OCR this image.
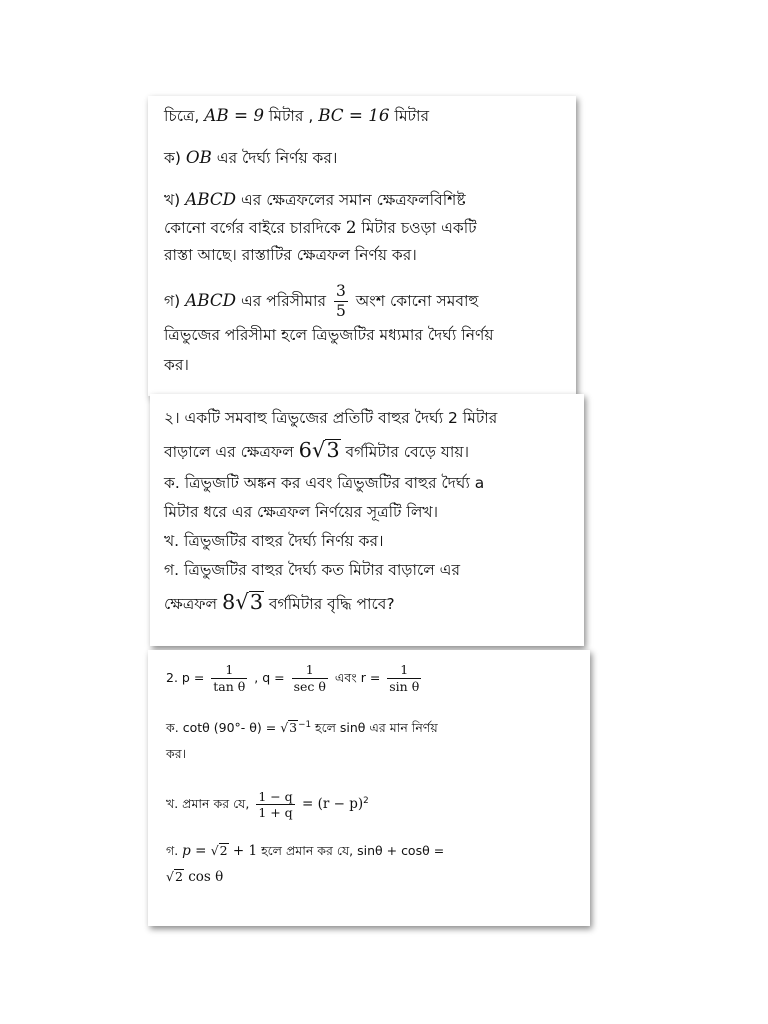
চিত্রে, AB = 9 মিটার , BC = 16 মিটার

ক) OB এর দৈর্ঘ্য নির্ণয় কর।

খ) ABCD এর ক্ষেত্রফলের সমান ক্ষেত্রফলবিশিষ্ট
কোনো বর্গের বাইরে চারদিকে 2 মিটার চওড়া একটি
রাস্তা আছে। রাস্তাটির ক্ষেত্রফল নির্ণয় কর।

গ) ABCD এর পরিসীমার $\frac{3}{5}$ অংশ কোনো সমবাহু
ত্রিভুজের পরিসীমা হলে ত্রিভুজটির মধ্যমার দৈর্ঘ্য নির্ণয়
কর।

২। একটি সমবাহু ত্রিভুজের প্রতিটি বাহুর দৈর্ঘ্য 2 মিটার

বাড়ালে এর ক্ষেত্রফল 6√3 বর্গমিটার বেড়ে যায়।

ক. ত্রিভুজটি অঙ্কন কর এবং ত্রিভুজটির বাহুর দৈর্ঘ্য a

মিটার ধরে এর ক্ষেত্রফল নির্ণয়ের সূত্রটি লিখ।

খ. ত্রিভুজটির বাহুর দৈর্ঘ্য নির্ণয় কর।

গ. ত্রিভুজটির বাহুর দৈর্ঘ্য কত মিটার বাড়ালে এর

ক্ষেত্রফল 8√3 বর্গমিটার বৃদ্ধি পাবে?

2. $p = \frac{1}{\text{tan θ}}$ , $q = \frac{1}{\text{sec θ}}$ এবং $r = \frac{1}{\text{sin θ}}$

ক. cotθ (90°- $\theta) = √3^{-1}$ হলে sinθ এর মান নির্ণয়
কর।

খ. প্রমান কর যে, $\frac{1 - q}{1 + q} = (r - p)^2$

গ. p = √2 + 1 হলে প্রমান কর যে, sinθ + cosθ =
√2 cos θ
